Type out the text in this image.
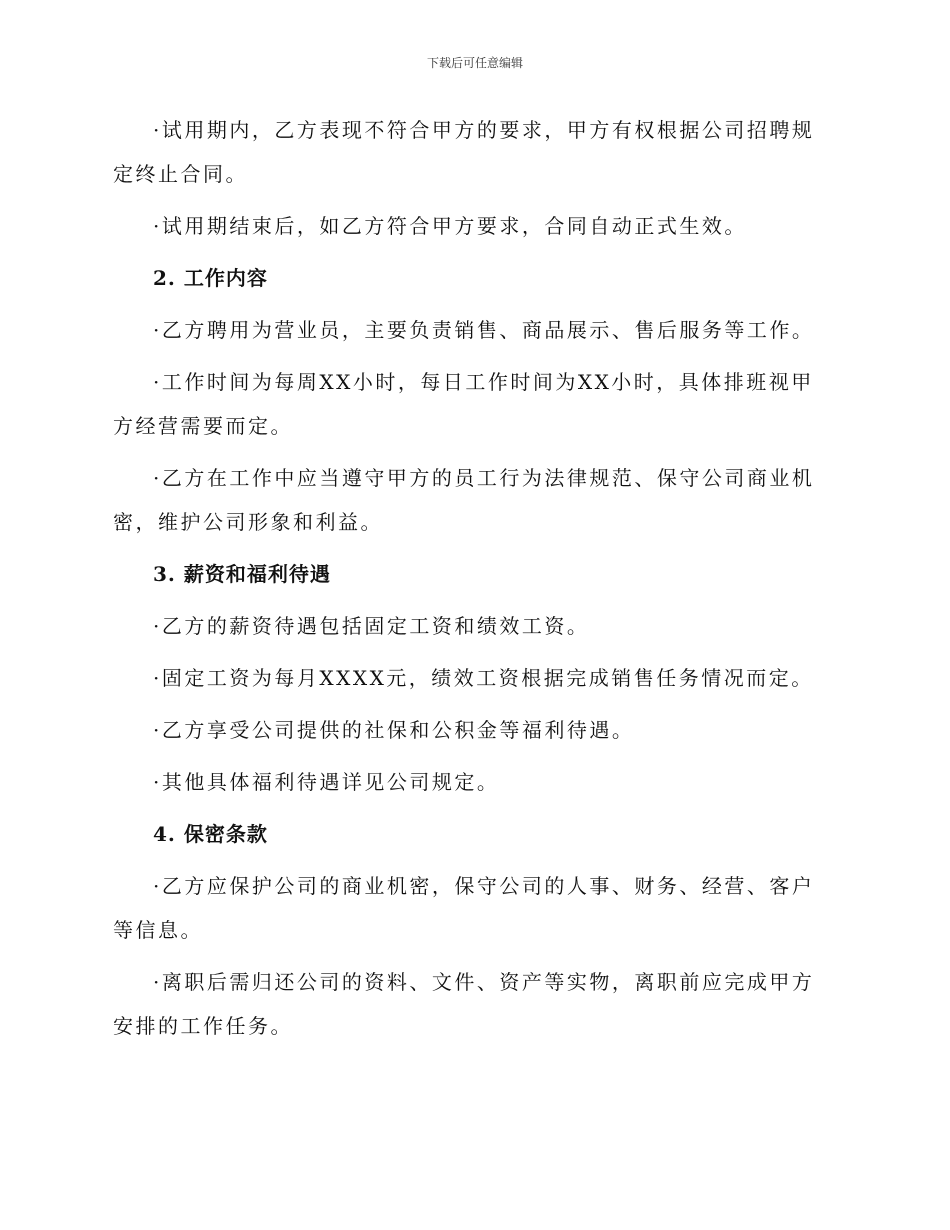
下载后可任意编辑

·试用期内，乙方表现不符合甲方的要求，甲方有权根据公司招聘规定终止合同。

·试用期结束后，如乙方符合甲方要求，合同自动正式生效。

2. 工作内容

·乙方聘用为营业员，主要负责销售、商品展示、售后服务等工作。

·工作时间为每周XX小时，每日工作时间为XX小时，具体排班视甲方经营需要而定。

·乙方在工作中应当遵守甲方的员工行为法律规范、保守公司商业机密，维护公司形象和利益。

3. 薪资和福利待遇

·乙方的薪资待遇包括固定工资和绩效工资。

·固定工资为每月XXXX元，绩效工资根据完成销售任务情况而定。

·乙方享受公司提供的社保和公积金等福利待遇。

·其他具体福利待遇详见公司规定。

4. 保密条款

·乙方应保护公司的商业机密，保守公司的人事、财务、经营、客户等信息。

·离职后需归还公司的资料、文件、资产等实物，离职前应完成甲方安排的工作任务。
